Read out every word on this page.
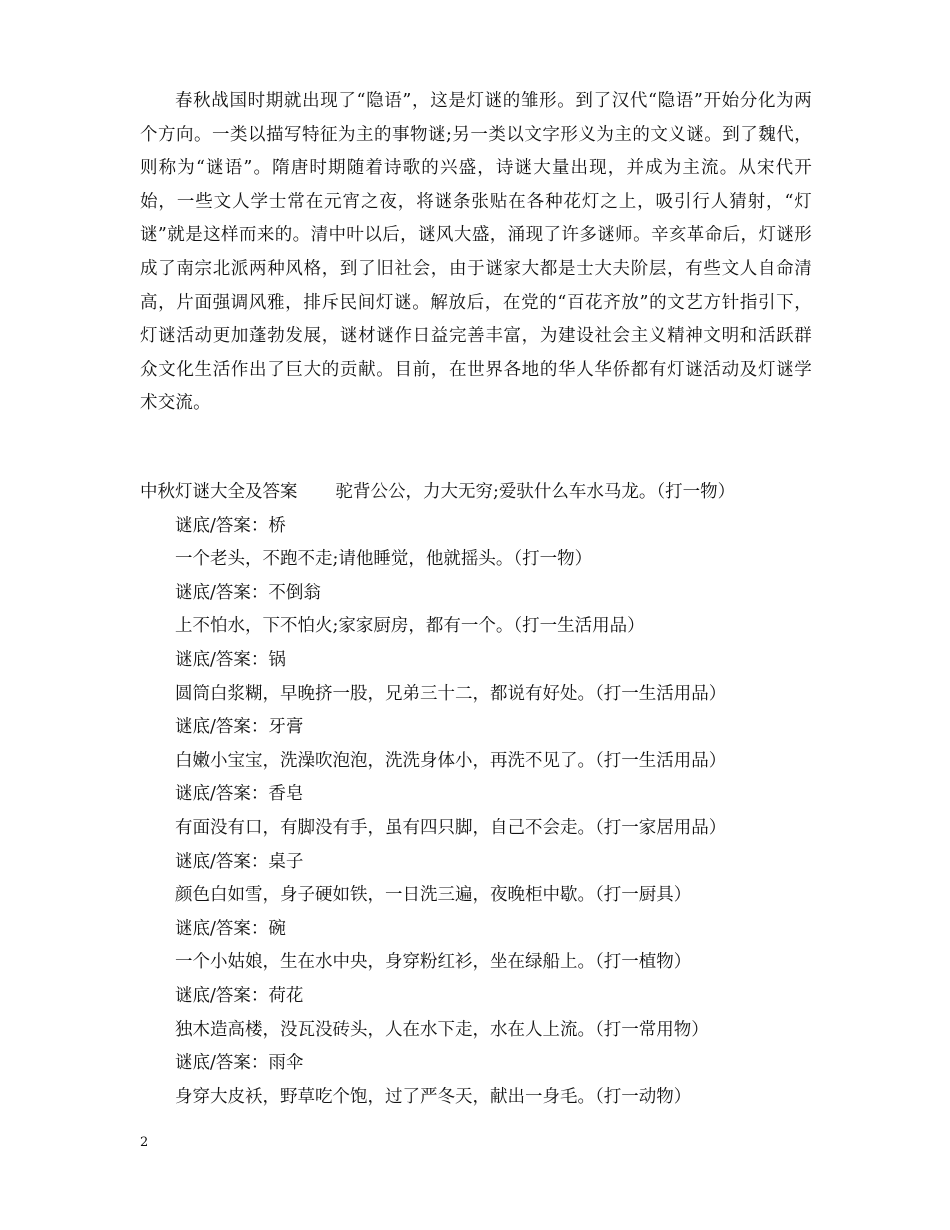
春秋战国时期就出现了“隐语”，这是灯谜的雏形。到了汉代“隐语”开始分化为两个方向。一类以描写特征为主的事物谜;另一类以文字形义为主的文义谜。到了魏代，则称为“谜语”。隋唐时期随着诗歌的兴盛，诗谜大量出现，并成为主流。从宋代开始，一些文人学士常在元宵之夜，将谜条张贴在各种花灯之上，吸引行人猜射，“灯谜”就是这样而来的。清中叶以后，谜风大盛，涌现了许多谜师。辛亥革命后，灯谜形成了南宗北派两种风格，到了旧社会，由于谜家大都是士大夫阶层，有些文人自命清高，片面强调风雅，排斥民间灯谜。解放后，在党的“百花齐放”的文艺方针指引下，灯谜活动更加蓬勃发展，谜材谜作日益完善丰富，为建设社会主义精神文明和活跃群众文化生活作出了巨大的贡献。目前，在世界各地的华人华侨都有灯谜活动及灯谜学术交流。

中秋灯谜大全及答案 驼背公公，力大无穷;爱驮什么车水马龙。（打一物）
谜底/答案：桥
一个老头，不跑不走;请他睡觉，他就摇头。（打一物）
谜底/答案：不倒翁
上不怕水，下不怕火;家家厨房，都有一个。（打一生活用品）
谜底/答案：锅
圆筒白浆糊，早晚挤一股，兄弟三十二，都说有好处。（打一生活用品）
谜底/答案：牙膏
白嫩小宝宝，洗澡吹泡泡，洗洗身体小，再洗不见了。（打一生活用品）
谜底/答案：香皂
有面没有口，有脚没有手，虽有四只脚，自己不会走。（打一家居用品）
谜底/答案：桌子
颜色白如雪，身子硬如铁，一日洗三遍，夜晚柜中歇。（打一厨具）
谜底/答案：碗
一个小姑娘，生在水中央，身穿粉红衫，坐在绿船上。（打一植物）
谜底/答案：荷花
独木造高楼，没瓦没砖头，人在水下走，水在人上流。（打一常用物）
谜底/答案：雨伞
身穿大皮袄，野草吃个饱，过了严冬天，献出一身毛。（打一动物）
2
